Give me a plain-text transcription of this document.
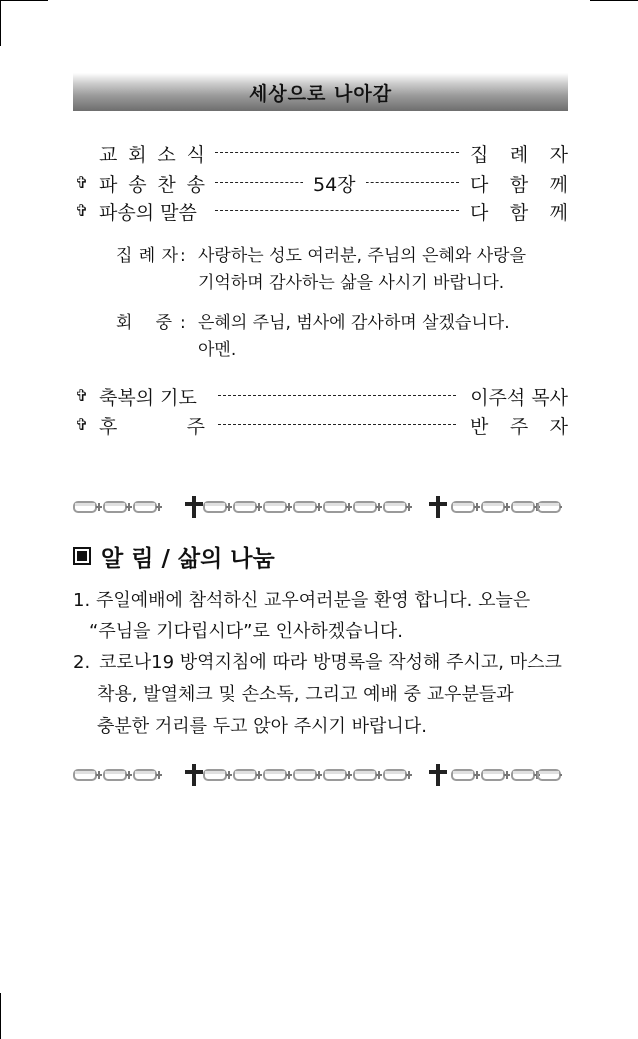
세상으로 나아감
교 회 소 식	집 례 자
✞ 파 송 찬 송	54장	다 함 께
✞ 파송의 말씀	다 함 께
집 례 자 : 사랑하는 성도 여러분, 주님의 은혜와 사랑을
기억하며 감사하는 삶을 사시기 바랍니다.
회 중 : 은혜의 주님, 범사에 감사하며 살겠습니다.
아멘.
✞ 축복의 기도	이주석 목사
✞ 후	주	반 주 자
알 림 / 삶의 나눔
1. 주일예배에 참석하신 교우여러분을 환영 합니다. 오늘은
“주님을 기다립시다”로 인사하겠습니다.
2. 코로나19 방역지침에 따라 방명록을 작성해 주시고, 마스크
착용, 발열체크 및 손소독, 그리고 예배 중 교우분들과
충분한 거리를 두고 앉아 주시기 바랍니다.
